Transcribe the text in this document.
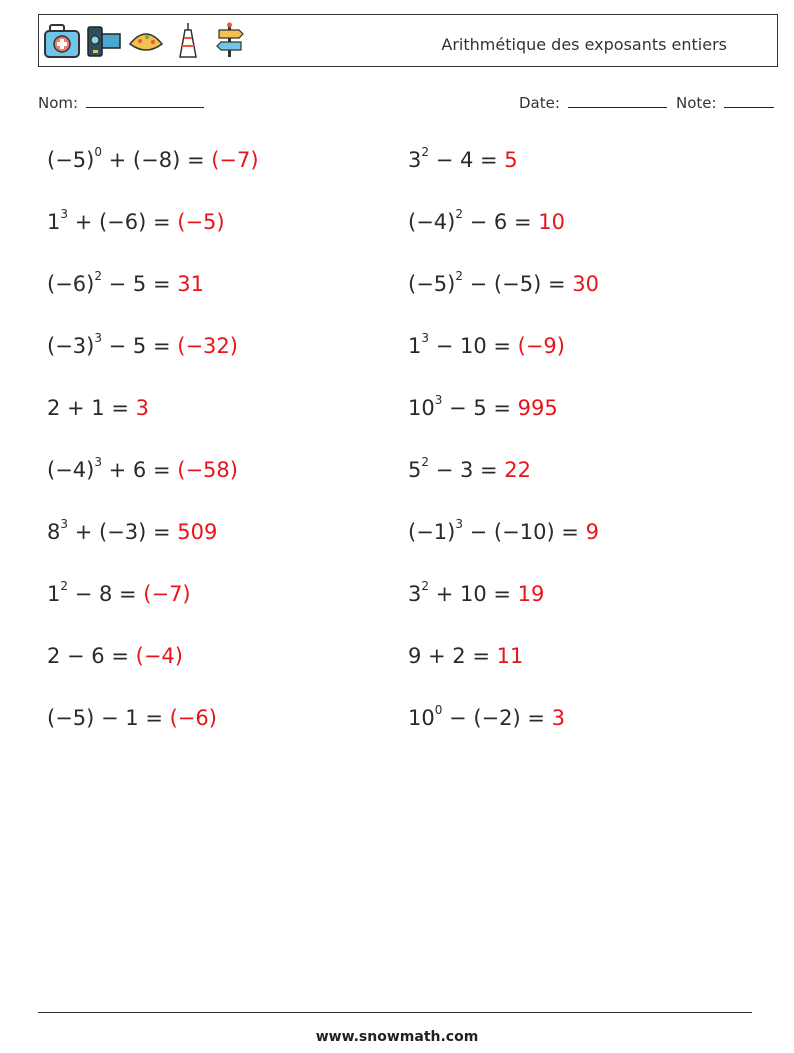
Arithmétique des exposants entiers
Nom:	Date:	Note:
$(-5)^0 + (-8) = (-7)$
$1^3 + (-6) = (-5)$
$(-6)^2 - 5 = 31$
$(-3)^3 - 5 = (-32)$
2 + 1 = 3
$(-4)^3 + 6 = (-58)$
$8^3 + (-3) = 509$
$1^2 - 8 = (-7)$
2 − 6 = (−4)
(−5) − 1 = (−6)
$3^2 - 4 = 5$
$(-4)^2 - 6 = 10$
$(-5)^2 - (-5) = 30$
$1^3 - 10 = (-9)$
$10^3 - 5 = 995$
$5^2 - 3 = 22$
$(-1)^3 - (-10) = 9$
$3^2 + 10 = 19$
9 + 2 = 11
$10^0 - (-2) = 3$
www.snowmath.com
